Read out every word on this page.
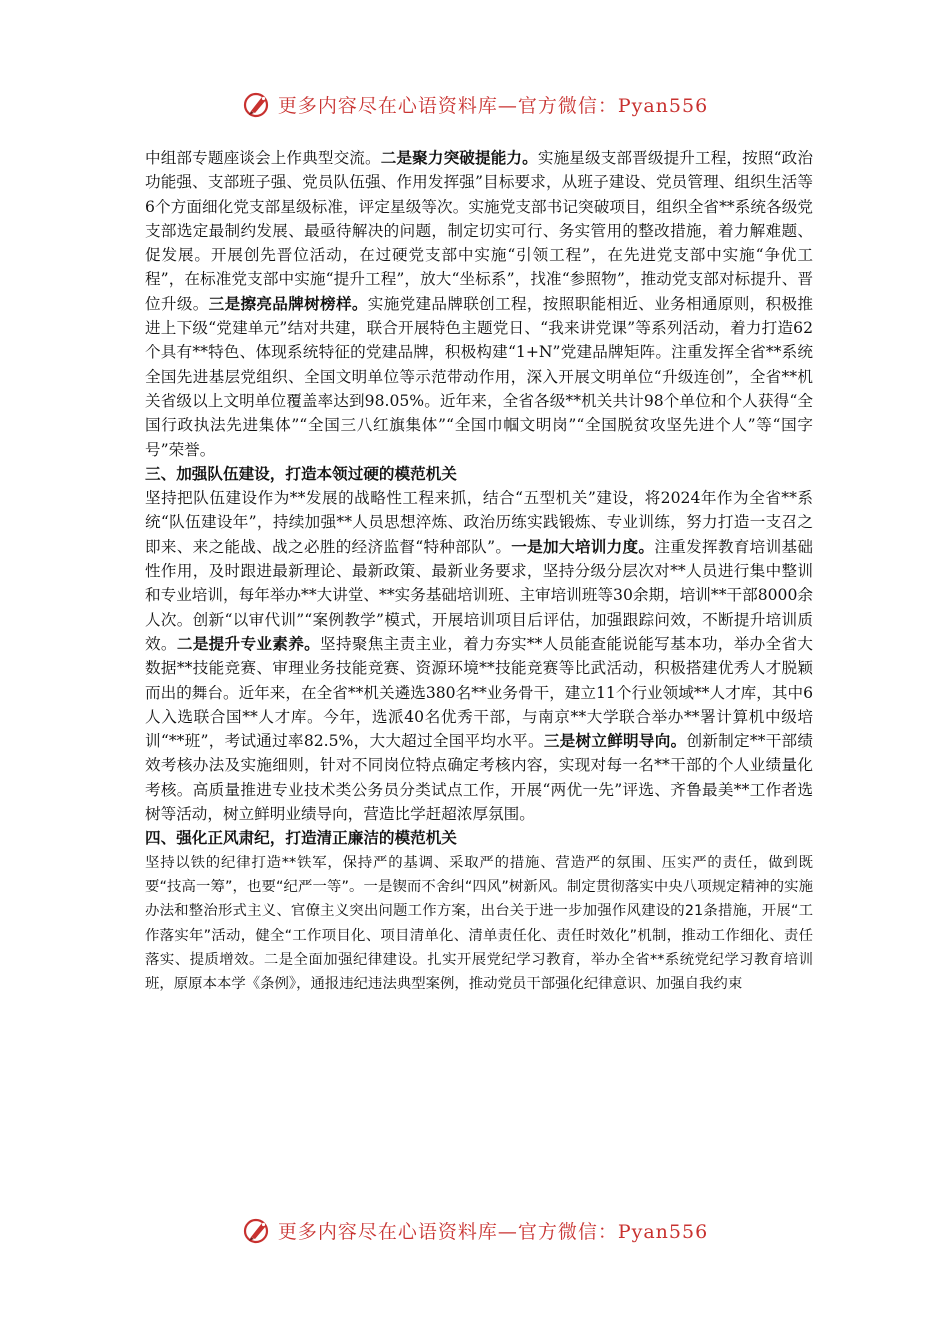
更多内容尽在心语资料库—官方微信：Pyan556

中组部专题座谈会上作典型交流。二是聚力突破提能力。实施星级支部晋级提升工程，按照“政治功能强、支部班子强、党员队伍强、作用发挥强”目标要求，从班子建设、党员管理、组织生活等6个方面细化党支部星级标准，评定星级等次。实施党支部书记突破项目，组织全省**系统各级党支部选定最制约发展、最亟待解决的问题，制定切实可行、务实管用的整改措施，着力解难题、促发展。开展创先晋位活动，在过硬党支部中实施“引领工程”，在先进党支部中实施“争优工程”，在标准党支部中实施“提升工程”，放大“坐标系”，找准“参照物”，推动党支部对标提升、晋位升级。三是擦亮品牌树榜样。实施党建品牌联创工程，按照职能相近、业务相通原则，积极推进上下级“党建单元”结对共建，联合开展特色主题党日、“我来讲党课”等系列活动，着力打造62个具有**特色、体现系统特征的党建品牌，积极构建“1+N”党建品牌矩阵。注重发挥全省**系统全国先进基层党组织、全国文明单位等示范带动作用，深入开展文明单位“升级连创”，全省**机关省级以上文明单位覆盖率达到98.05%。近年来，全省各级**机关共计98个单位和个人获得“全国行政执法先进集体”“全国三八红旗集体”“全国巾帼文明岗”“全国脱贫攻坚先进个人”等“国字号”荣誉。

三、加强队伍建设，打造本领过硬的模范机关

坚持把队伍建设作为**发展的战略性工程来抓，结合“五型机关”建设，将2024年作为全省**系统“队伍建设年”，持续加强**人员思想淬炼、政治历练实践锻炼、专业训练，努力打造一支召之即来、来之能战、战之必胜的经济监督“特种部队”。一是加大培训力度。注重发挥教育培训基础性作用，及时跟进最新理论、最新政策、最新业务要求，坚持分级分层次对**人员进行集中整训和专业培训，每年举办**大讲堂、**实务基础培训班、主审培训班等30余期，培训**干部8000余人次。创新“以审代训”“案例教学”模式，开展培训项目后评估，加强跟踪问效，不断提升培训质效。二是提升专业素养。坚持聚焦主责主业，着力夯实**人员能查能说能写基本功，举办全省大数据**技能竞赛、审理业务技能竞赛、资源环境**技能竞赛等比武活动，积极搭建优秀人才脱颖而出的舞台。近年来，在全省**机关遴选380名**业务骨干，建立11个行业领域**人才库，其中6人入选联合国**人才库。今年，选派40名优秀干部，与南京**大学联合举办**署计算机中级培训“**班”，考试通过率82.5%，大大超过全国平均水平。三是树立鲜明导向。创新制定**干部绩效考核办法及实施细则，针对不同岗位特点确定考核内容，实现对每一名**干部的个人业绩量化考核。高质量推进专业技术类公务员分类试点工作，开展“两优一先”评选、齐鲁最美**工作者选树等活动，树立鲜明业绩导向，营造比学赶超浓厚氛围。

四、强化正风肃纪，打造清正廉洁的模范机关

坚持以铁的纪律打造**铁军，保持严的基调、采取严的措施、营造严的氛围、压实严的责任，做到既要“技高一筹”，也要“纪严一等”。一是锲而不舍纠“四风”树新风。制定贯彻落实中央八项规定精神的实施办法和整治形式主义、官僚主义突出问题工作方案，出台关于进一步加强作风建设的21条措施，开展“工作落实年”活动，健全“工作项目化、项目清单化、清单责任化、责任时效化”机制，推动工作细化、责任落实、提质增效。二是全面加强纪律建设。扎实开展党纪学习教育，举办全省**系统党纪学习教育培训班，原原本本学《条例》，通报违纪违法典型案例，推动党员干部强化纪律意识、加强自我约束

更多内容尽在心语资料库—官方微信：Pyan556
